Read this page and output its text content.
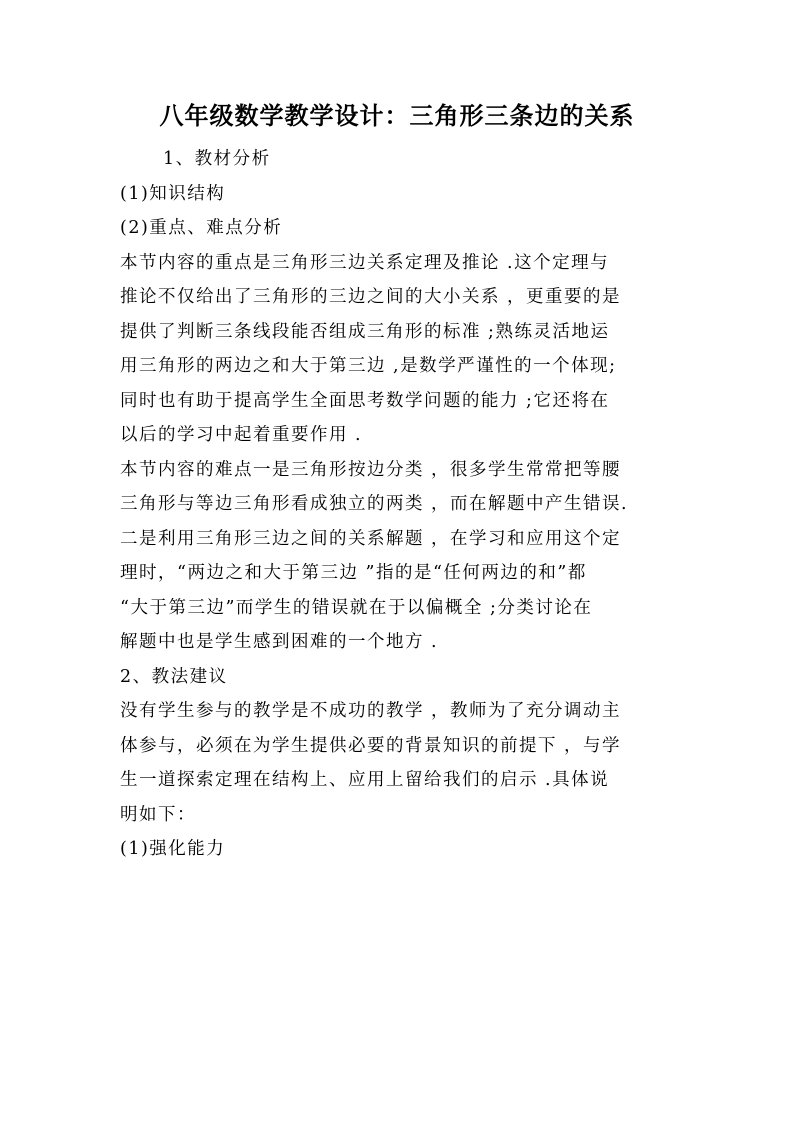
八年级数学教学设计：三角形三条边的关系
1、教材分析
(1)知识结构
(2)重点、难点分析
本节内容的重点是三角形三边关系定理及推论 .这个定理与
推论不仅给出了三角形的三边之间的大小关系 ，更重要的是
提供了判断三条线段能否组成三角形的标准 ;熟练灵活地运
用三角形的两边之和大于第三边 ,是数学严谨性的一个体现;
同时也有助于提高学生全面思考数学问题的能力 ;它还将在
以后的学习中起着重要作用 .
本节内容的难点一是三角形按边分类 ，很多学生常常把等腰
三角形与等边三角形看成独立的两类 ，而在解题中产生错误.
二是利用三角形三边之间的关系解题 ，在学习和应用这个定
理时，“两边之和大于第三边 ”指的是“任何两边的和”都
“大于第三边”而学生的错误就在于以偏概全 ;分类讨论在
解题中也是学生感到困难的一个地方 .
2、教法建议
没有学生参与的教学是不成功的教学 ，教师为了充分调动主
体参与，必须在为学生提供必要的背景知识的前提下 ，与学
生一道探索定理在结构上、应用上留给我们的启示 .具体说
明如下：
(1)强化能力
